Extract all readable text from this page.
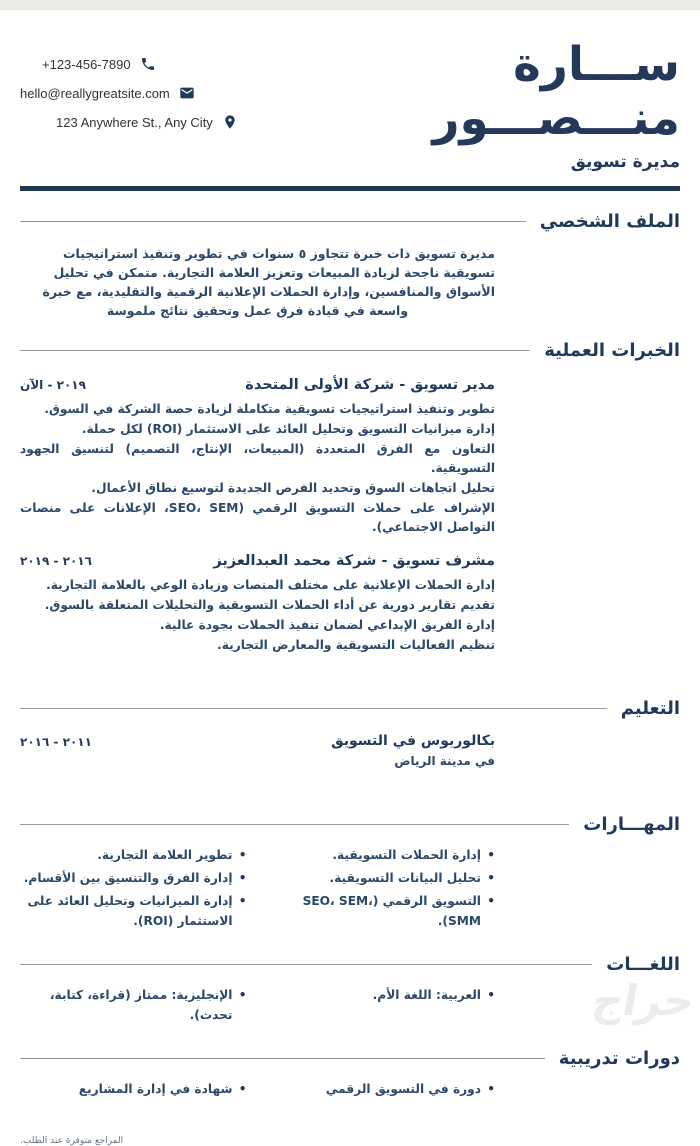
ســـارة منـــصـــور
مديرة تسويق
+123-456-7890
hello@reallygreatsite.com
123 Anywhere St., Any City
الملف الشخصي

مديرة تسويق ذات خبرة تتجاوز ٥ سنوات في تطوير وتنفيذ استراتيجيات تسويقية ناجحة لزيادة المبيعات وتعزيز العلامة التجارية. متمكن في تحليل الأسواق والمنافسين، وإدارة الحملات الإعلانية الرقمية والتقليدية، مع خبرة واسعة في قيادة فرق عمل وتحقيق نتائج ملموسة

الخبرات العملية
مدير تسويق - شركة الأولى المتحدة
٢٠١٩ - الآن
تطوير وتنفيذ استراتيجيات تسويقية متكاملة لزيادة حصة الشركة في السوق.
إدارة ميزانيات التسويق وتحليل العائد على الاستثمار (ROI) لكل حملة.
التعاون مع الفرق المتعددة (المبيعات، الإنتاج، التصميم) لتنسيق الجهود التسويقية.
تحليل اتجاهات السوق وتحديد الفرص الجديدة لتوسيع نطاق الأعمال.
الإشراف على حملات التسويق الرقمي (SEO، SEM، الإعلانات على منصات التواصل الاجتماعي).
مشرف تسويق - شركة محمد العبدالعزيز
٢٠١٦ - ٢٠١٩
إدارة الحملات الإعلانية على مختلف المنصات وزيادة الوعي بالعلامة التجارية.
تقديم تقارير دورية عن أداء الحملات التسويقية والتحليلات المتعلقة بالسوق.
إدارة الفريق الإبداعي لضمان تنفيذ الحملات بجودة عالية.
تنظيم الفعاليات التسويقية والمعارض التجارية.
التعليم
بكالوريوس في التسويق
في مدينة الرياض
٢٠١١ - ٢٠١٦
المهـــارات
• إدارة الحملات التسويقية.
• تحليل البيانات التسويقية.
• التسويق الرقمي (SEO، SEM، SMM).
• تطوير العلامة التجارية.
• إدارة الفرق والتنسيق بين الأقسام.
• إدارة الميزانيات وتحليل العائد على الاستثمار (ROI).
اللغـــات
• العربية: اللغة الأم.
• الإنجليزية: ممتاز (قراءة، كتابة، تحدث).
دورات تدريبية
• دورة في التسويق الرقمي
• شهادة في إدارة المشاريع
المراجع متوفرة عند الطلب.
حراج
